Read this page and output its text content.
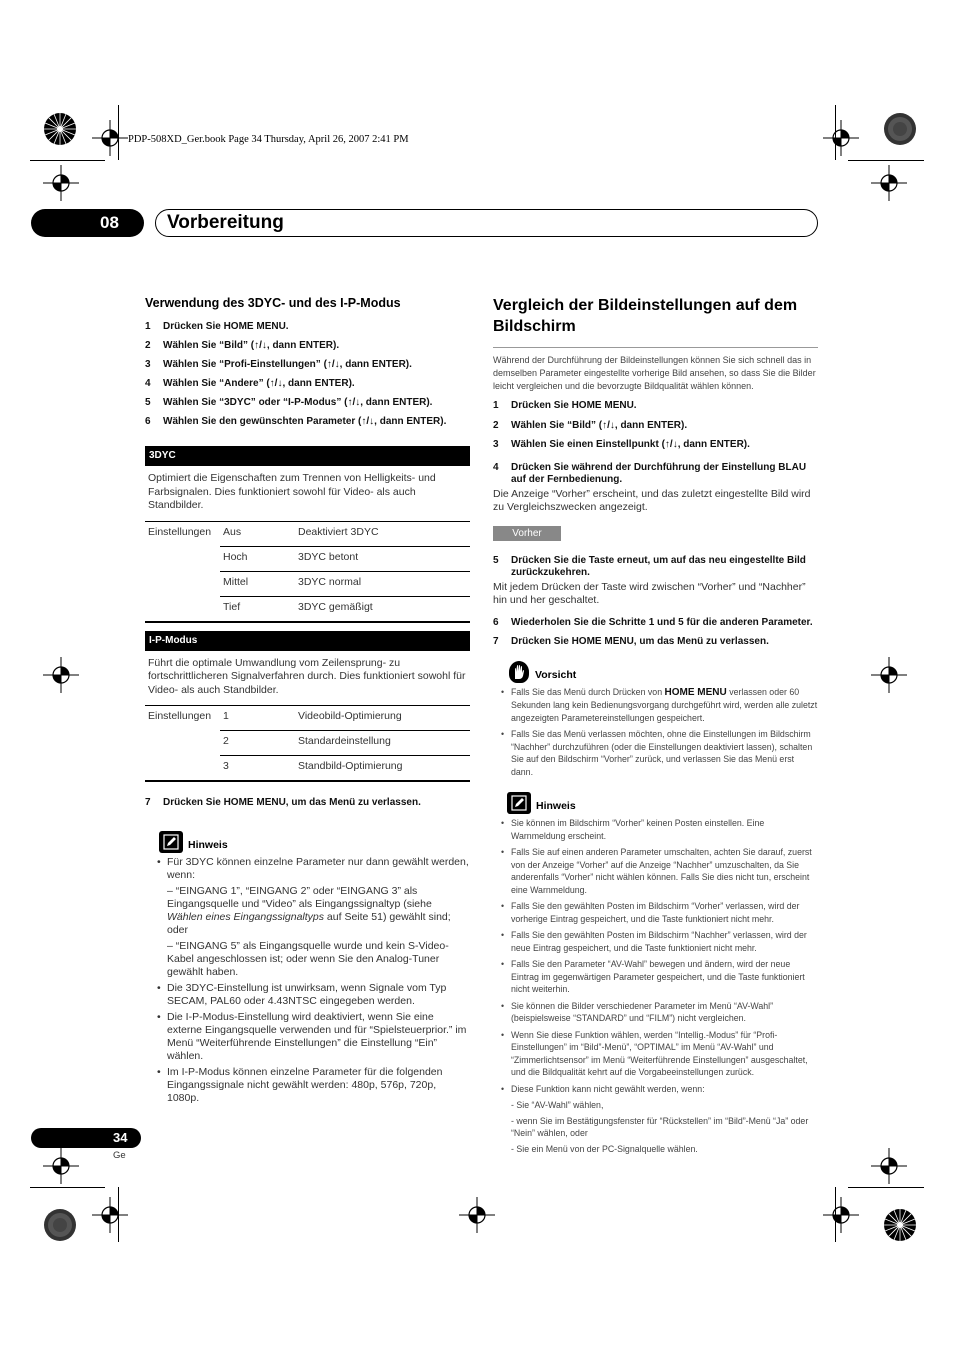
PDP-508XD_Ger.book Page 34 Thursday, April 26, 2007 2:41 PM
08	Vorbereitung
Verwendung des 3DYC- und des I-P-Modus
1	Drücken Sie HOME MENU.
2	Wählen Sie “Bild” (↑/↓, dann ENTER).
3	Wählen Sie “Profi-Einstellungen” (↑/↓, dann ENTER).
4	Wählen Sie “Andere” (↑/↓, dann ENTER).
5	Wählen Sie “3DYC” oder “I-P-Modus” (↑/↓, dann ENTER).
6	Wählen Sie den gewünschten Parameter (↑/↓, dann ENTER).
3DYC
Optimiert die Eigenschaften zum Trennen von Helligkeits- und Farbsignalen. Dies funktioniert sowohl für Video- als auch Standbilder.
Einstellungen	Aus	Deaktiviert 3DYC
	Hoch	3DYC betont
	Mittel	3DYC normal
	Tief	3DYC gemäßigt
I-P-Modus
Führt die optimale Umwandlung vom Zeilensprung- zu fortschrittlicheren Signalverfahren durch. Dies funktioniert sowohl für Video- als auch Standbilder.
Einstellungen	1	Videobild-Optimierung
	2	Standardeinstellung
	3	Standbild-Optimierung
7	Drücken Sie HOME MENU, um das Menü zu verlassen.
Hinweis
• Für 3DYC können einzelne Parameter nur dann gewählt werden, wenn:
– “EINGANG 1”, “EINGANG 2” oder “EINGANG 3” als Eingangsquelle und “Video” als Eingangssignaltyp (siehe Wählen eines Eingangssignaltyps auf Seite 51) gewählt sind; oder
– “EINGANG 5” als Eingangsquelle wurde und kein S-Video-Kabel angeschlossen ist; oder wenn Sie den Analog-Tuner gewählt haben.
• Die 3DYC-Einstellung ist unwirksam, wenn Signale vom Typ SECAM, PAL60 oder 4.43NTSC eingegeben werden.
• Die I-P-Modus-Einstellung wird deaktiviert, wenn Sie eine externe Eingangsquelle verwenden und für “Spielsteuerprior.” im Menü “Weiterführende Einstellungen” die Einstellung “Ein” wählen.
• Im I-P-Modus können einzelne Parameter für die folgenden Eingangssignale nicht gewählt werden: 480p, 576p, 720p, 1080p.
Vergleich der Bildeinstellungen auf dem Bildschirm
Während der Durchführung der Bildeinstellungen können Sie sich schnell das in demselben Parameter eingestellte vorherige Bild ansehen, so dass Sie die Bilder leicht vergleichen und die bevorzugte Bildqualität wählen können.
1	Drücken Sie HOME MENU.
2	Wählen Sie “Bild” (↑/↓, dann ENTER).
3	Wählen Sie einen Einstellpunkt (↑/↓, dann ENTER).
4	Drücken Sie während der Durchführung der Einstellung BLAU auf der Fernbedienung.
Die Anzeige “Vorher” erscheint, und das zuletzt eingestellte Bild wird zu Vergleichszwecken angezeigt.
Vorher
5	Drücken Sie die Taste erneut, um auf das neu eingestellte Bild zurückzukehren.
Mit jedem Drücken der Taste wird zwischen “Vorher” und “Nachher” hin und her geschaltet.
6	Wiederholen Sie die Schritte 1 und 5 für die anderen Parameter.
7	Drücken Sie HOME MENU, um das Menü zu verlassen.
Vorsicht
• Falls Sie das Menü durch Drücken von HOME MENU verlassen oder 60 Sekunden lang kein Bedienungsvorgang durchgeführt wird, werden alle zuletzt angezeigten Parametereinstellungen gespeichert.
• Falls Sie das Menü verlassen möchten, ohne die Einstellungen im Bildschirm “Nachher” durchzuführen (oder die Einstellungen deaktiviert lassen), schalten Sie auf den Bildschirm “Vorher” zurück, und verlassen Sie das Menü erst dann.
Hinweis
• Sie können im Bildschirm “Vorher” keinen Posten einstellen. Eine Warnmeldung erscheint.
• Falls Sie auf einen anderen Parameter umschalten, achten Sie darauf, zuerst von der Anzeige “Vorher” auf die Anzeige “Nachher” umzuschalten, da Sie anderenfalls “Vorher” nicht wählen können. Falls Sie dies nicht tun, erscheint eine Warnmeldung.
• Falls Sie den gewählten Posten im Bildschirm “Vorher” verlassen, wird der vorherige Eintrag gespeichert, und die Taste funktioniert nicht mehr.
• Falls Sie den gewählten Posten im Bildschirm “Nachher” verlassen, wird der neue Eintrag gespeichert, und die Taste funktioniert nicht mehr.
• Falls Sie den Parameter “AV-Wahl” bewegen und ändern, wird der neue Eintrag im gegenwärtigen Parameter gespeichert, und die Taste funktioniert nicht weiterhin.
• Sie können die Bilder verschiedener Parameter im Menü “AV-Wahl” (beispielsweise “STANDARD” und “FILM”) nicht vergleichen.
• Wenn Sie diese Funktion wählen, werden “Intellig.-Modus” für “Profi-Einstellungen” im “Bild”-Menü”, “OPTIMAL” im Menü “AV-Wahl” und “Zimmerlichtsensor” im Menü “Weiterführende Einstellungen” ausgeschaltet, und die Bildqualität kehrt auf die Vorgabeeinstellungen zurück.
• Diese Funktion kann nicht gewählt werden, wenn:
- Sie “AV-Wahl” wählen,
- wenn Sie im Bestätigungsfenster für “Rückstellen” im “Bild”-Menü “Ja” oder “Nein” wählen, oder
- Sie ein Menü von der PC-Signalquelle wählen.
34
Ge
